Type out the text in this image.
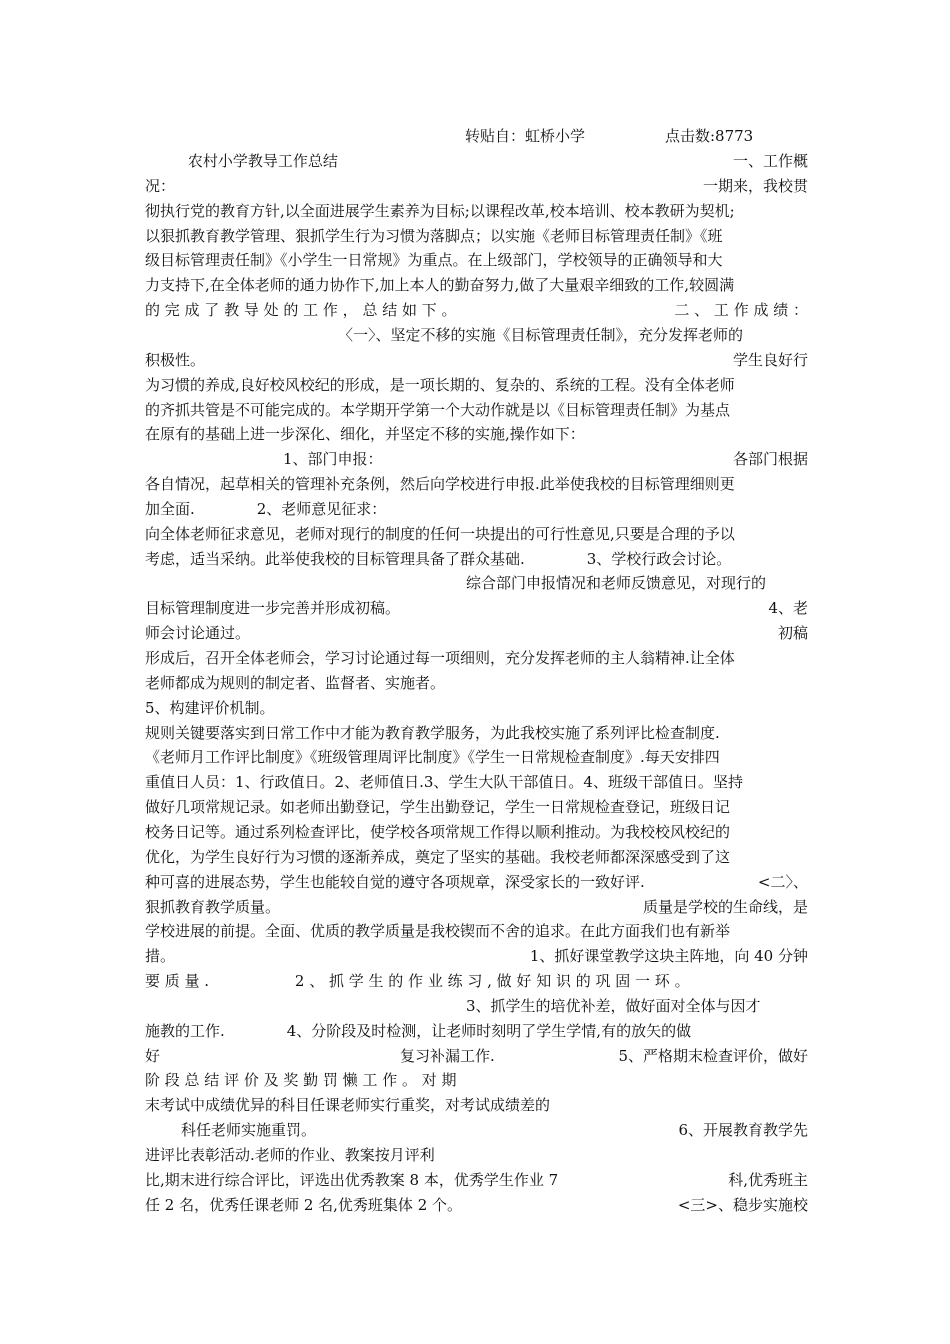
转贴自：虹桥小学

	点击数:8773

农村小学教导工作总结	一、工作概
况：	一期来，我校贯
彻执行党的教育方针,以全面进展学生素养为目标;以课程改革,校本培训、校本教研为契机;
以狠抓教育教学管理、狠抓学生行为习惯为落脚点；以实施《老师目标管理责任制》《班
级目标管理责任制》《小学生一日常规》为重点。在上级部门，学校领导的正确领导和大
力支持下,在全体老师的通力协作下,加上本人的勤奋努力,做了大量艰辛细致的工作,较圆满
的 完 成 了 教 导 处 的 工 作 ， 总 结 如 下 。	二 、 工 作 成 绩 ：
〈一〉、坚定不移的实施《目标管理责任制》，充分发挥老师的
积极性。	学生良好行
为习惯的养成,良好校风校纪的形成，是一项长期的、复杂的、系统的工程。没有全体老师
的齐抓共管是不可能完成的。本学期开学第一个大动作就是以《目标管理责任制》为基点
在原有的基础上进一步深化、细化，并坚定不移的实施,操作如下：
1、部门申报：	各部门根据
各自情况，起草相关的管理补充条例，然后向学校进行申报.此举使我校的目标管理细则更
加全面.             2、老师意见征求：
向全体老师征求意见，老师对现行的制度的任何一块提出的可行性意见,只要是合理的予以
考虑，适当采纳。此举使我校的目标管理具备了群众基础.             3、学校行政会讨论。
综合部门申报情况和老师反馈意见，对现行的
目标管理制度进一步完善并形成初稿。	4、老
师会讨论通过。	初稿
形成后，召开全体老师会，学习讨论通过每一项细则，充分发挥老师的主人翁精神.让全体
老师都成为规则的制定者、监督者、实施者。
5、构建评价机制。
规则关键要落实到日常工作中才能为教育教学服务，为此我校实施了系列评比检查制度.
《老师月工作评比制度》《班级管理周评比制度》《学生一日常规检查制度》.每天安排四
重值日人员：1、行政值日。2、老师值日.3、学生大队干部值日。4、班级干部值日。坚持
做好几项常规记录。如老师出勤登记，学生出勤登记，学生一日常规检查登记，班级日记
校务日记等。通过系列检查评比，使学校各项常规工作得以顺利推动。为我校校风校纪的
优化，为学生良好行为习惯的逐渐养成，奠定了坚实的基础。我校老师都深深感受到了这
种可喜的进展态势，学生也能较自觉的遵守各项规章，深受家长的一致好评.	<二〉、
狠抓教育教学质量。	质量是学校的生命线，是
学校进展的前提。全面、优质的教学质量是我校锲而不舍的追求。在此方面我们也有新举
措。	1、抓好课堂教学这块主阵地，向 40 分钟
要 质 量 .                  2 、 抓 学 生 的 作 业 练 习 , 做 好 知 识 的 巩 固 一 环 。
3、抓学生的培优补差，做好面对全体与因才
施教的工作.             4、分阶段及时检测，让老师时刻明了学生学情,有的放矢的做
好	复习补漏工作.	5、严格期末检查评价，做好
阶 段 总 结 评 价 及 奖 勤 罚 懒 工 作 。 对 期
末考试中成绩优异的科目任课老师实行重奖，对考试成绩差的
科任老师实施重罚。	6、开展教育教学先
进评比表彰活动.老师的作业、教案按月评利
比,期末进行综合评比，评选出优秀教案 8 本，优秀学生作业 7	科,优秀班主
任 2 名，优秀任课老师 2 名,优秀班集体 2 个。	<三>、稳步实施校
